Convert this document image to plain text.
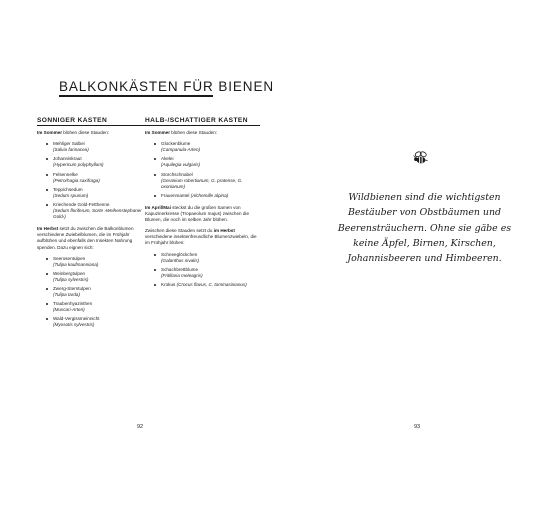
BALKONKÄSTEN FÜR BIENEN
SONNIGER KASTEN

Im Sommer blühen diese Stauden:

Mehliger Salbei
(Salvia farinacea)
Johanniskraut
(Hypericum polyphyllum)
Felsennelke
(Petrorhagia saxifraga)
Teppichsedum
(Sedum spurium)
Kriechende Gold-Fetthenne
(Sedum floriferum, Sorte ›Weihenstephaner Gold‹)

Im Herbst setzt du zwischen die Balkonblumen verschiedene Zwiebelblumen, die im Frühjahr aufblühen und ebenfalls den Insekten Nahrung spenden. Dazu eignen sich:

Seerosentulpen
(Tulipa kaufmanniana)
Weinbergtulpen
(Tulipa sylvestris)
Zwerg-Sterntulpen
(Tulipa tarda)
Traubenhyazinthen
(Muscari-Arten)
Wald-Vergissmeinnicht
(Myosotis sylvestris)
HALB-/SCHATTIGER KASTEN

Im Sommer blühen diese Stauden:

Glockenblume
(Campanula-Arten)
Akelei
(Aquilegia vulgaris)
Storchschnabel
(Geranium robertianum, G. pratense, G. oxonianum)
Frauenmantel (Alchemille alpina)

Im April/Mai steckst du die großen Samen von Kapuzinerkresse (Tropaeolum majus) zwischen die Blumen, die noch im selben Jahr blühen.

Zwischen diese Stauden setzt du im Herbst verschiedene insektenfreundliche Blumenzwiebeln, die im Frühjahr blühen:

Schneeglöckchen
(Galanthus nivalis)
Schachbrettblume
(Fritillaria meleagris)
Krokus (Crocus flavus, C. tommasinianus)
92
Wildbienen sind die wichtigsten Bestäuber von Obstbäumen und Beerensträuchern. Ohne sie gäbe es keine Äpfel, Birnen, Kirschen, Johannisbeeren und Himbeeren.
93
